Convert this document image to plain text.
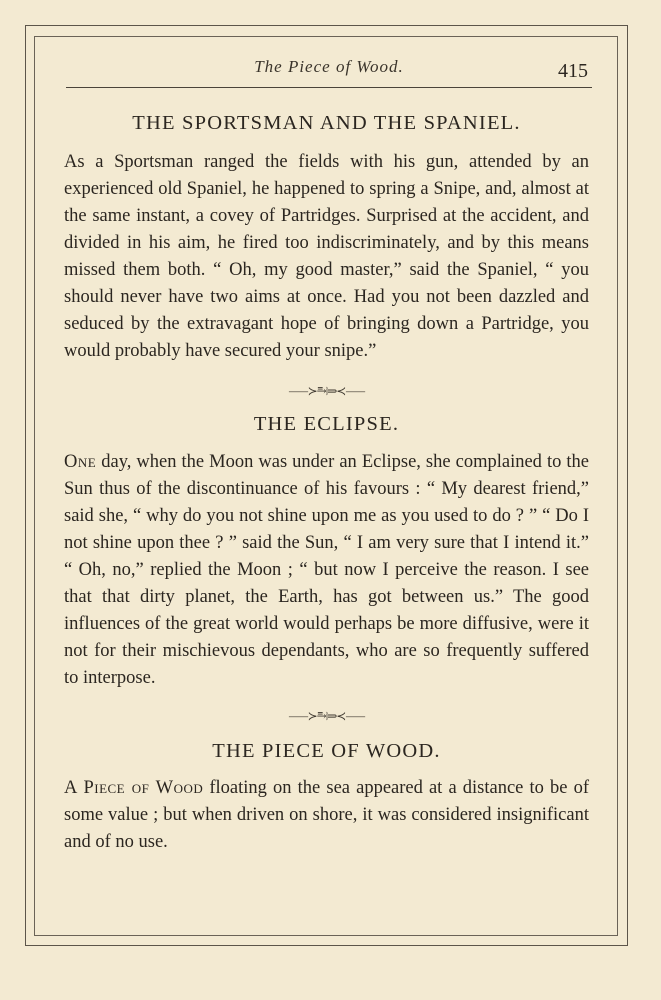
The Piece of Wood.	415
THE SPORTSMAN AND THE SPANIEL.

As a Sportsman ranged the fields with his gun, attended by an experienced old Spaniel, he happened to spring a Snipe, and, almost at the same instant, a covey of Partridges. Surprised at the accident, and divided in his aim, he fired too indiscriminately, and by this means missed them both. “ Oh, my good master,” said the Spaniel, “ you should never have two aims at once. Had you not been dazzled and seduced by the extravagant hope of bringing down a Partridge, you would probably have secured your snipe.”

⸺≻⥱⧘⥰≺⸺
THE ECLIPSE.

One day, when the Moon was under an Eclipse, she complained to the Sun thus of the discontinuance of his favours : “ My dearest friend,” said she, “ why do you not shine upon me as you used to do ? ” “ Do I not shine upon thee ? ” said the Sun, “ I am very sure that I intend it.” “ Oh, no,” replied the Moon ; “ but now I perceive the reason. I see that that dirty planet, the Earth, has got between us.” The good influences of the great world would perhaps be more diffusive, were it not for their mischievous dependants, who are so frequently suffered to interpose.

⸺≻⥱⧘⥰≺⸺
THE PIECE OF WOOD.

A Piece of Wood floating on the sea appeared at a distance to be of some value ; but when driven on shore, it was considered insignificant and of no use.
